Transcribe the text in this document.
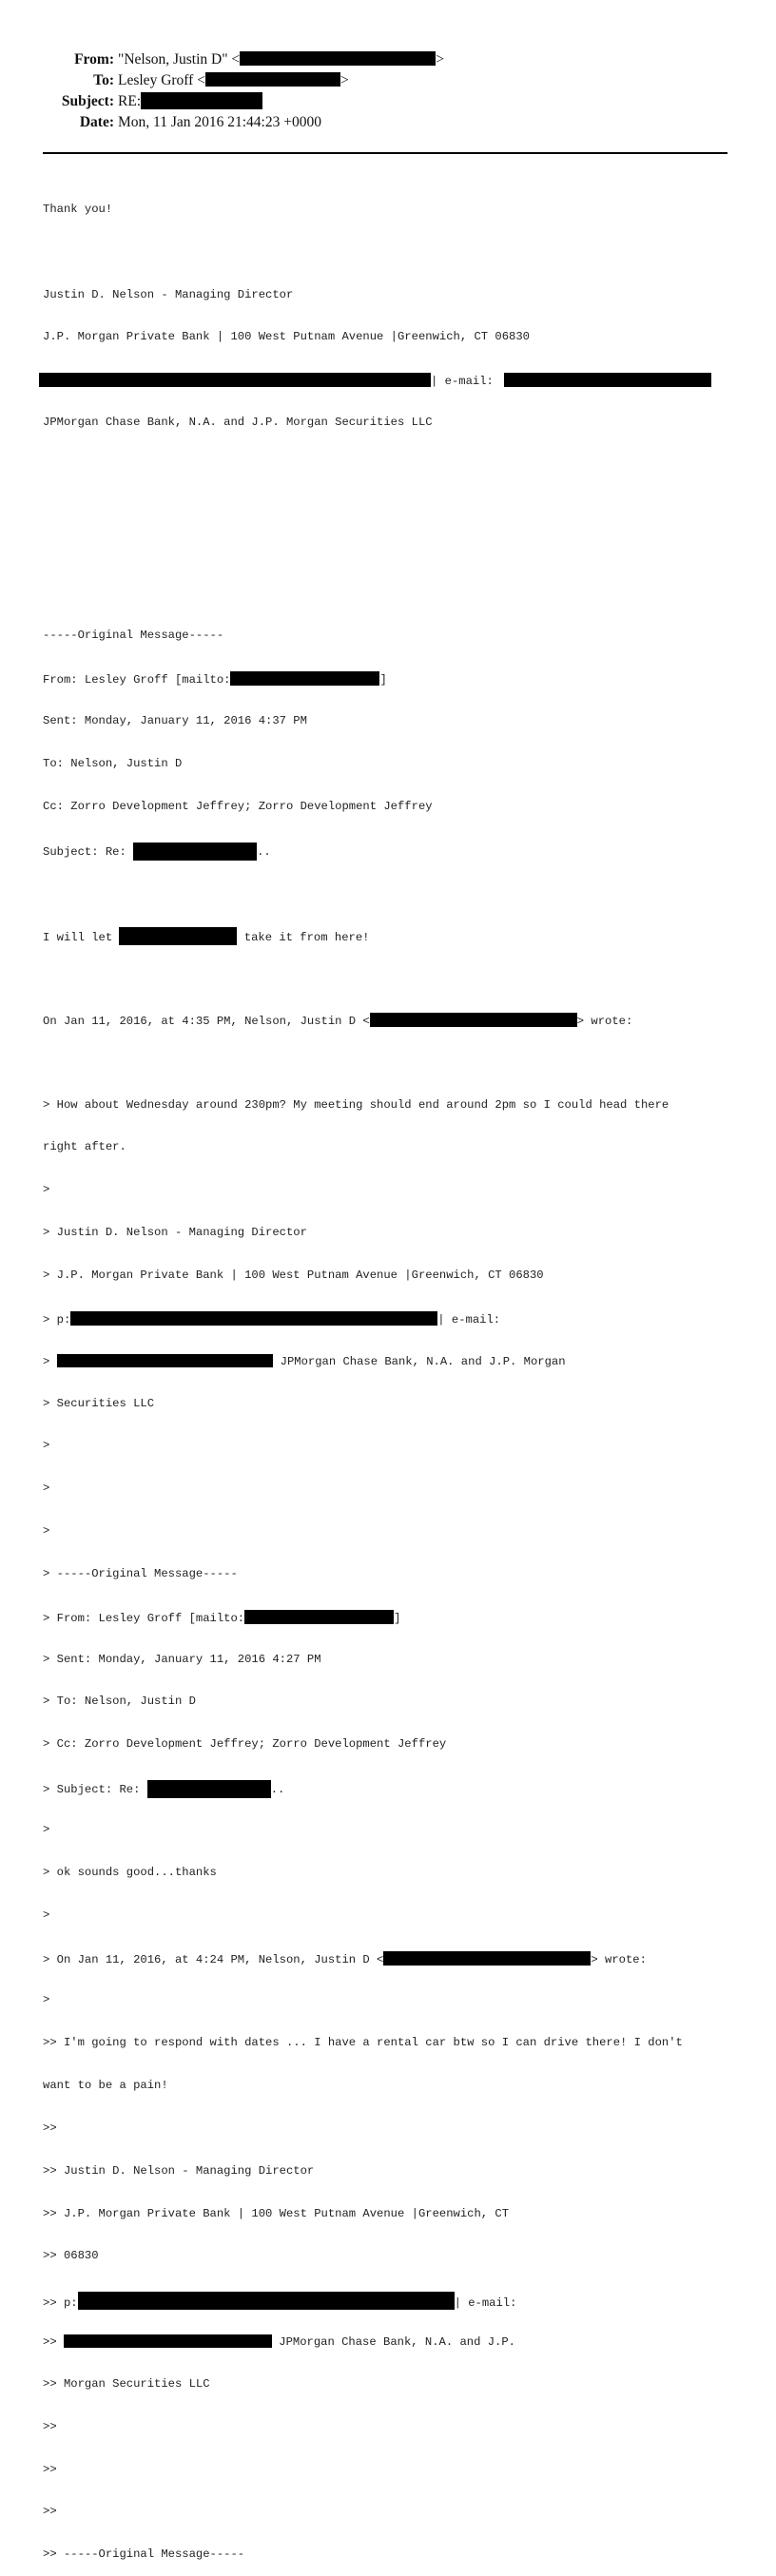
From: "Nelson, Justin D" <	>
To: Lesley Groff <	>
Subject: RE:
Date: Mon, 11 Jan 2016 21:44:23 +0000

Thank you!

Justin D. Nelson - Managing Director

J.P. Morgan Private Bank | 100 West Putnam Avenue |Greenwich, CT 06830

| e-mail:

JPMorgan Chase Bank, N.A. and J.P. Morgan Securities LLC

-----Original Message-----

From: Lesley Groff [mailto:	]

Sent: Monday, January 11, 2016 4:37 PM

To: Nelson, Justin D

Cc: Zorro Development Jeffrey; Zorro Development Jeffrey

Subject: Re:	..

I will let	take it from here!

On Jan 11, 2016, at 4:35 PM, Nelson, Justin D <	> wrote:

> How about Wednesday around 230pm? My meeting should end around 2pm so I could head there

right after.

>

> Justin D. Nelson - Managing Director

> J.P. Morgan Private Bank | 100 West Putnam Avenue |Greenwich, CT 06830

> p:	| e-mail:

>	JPMorgan Chase Bank, N.A. and J.P. Morgan

> Securities LLC

>

>

>

> -----Original Message-----

> From: Lesley Groff [mailto:	]

> Sent: Monday, January 11, 2016 4:27 PM

> To: Nelson, Justin D

> Cc: Zorro Development Jeffrey; Zorro Development Jeffrey

> Subject: Re:	..

>

> ok sounds good...thanks

>

> On Jan 11, 2016, at 4:24 PM, Nelson, Justin D <	> wrote:

>

>> I'm going to respond with dates ... I have a rental car btw so I can drive there! I don't

want to be a pain!

>>

>> Justin D. Nelson - Managing Director

>> J.P. Morgan Private Bank | 100 West Putnam Avenue |Greenwich, CT

>> 06830

>> p:	| e-mail:

>>	JPMorgan Chase Bank, N.A. and J.P.

>> Morgan Securities LLC

>>

>>

>>

>> -----Original Message-----
